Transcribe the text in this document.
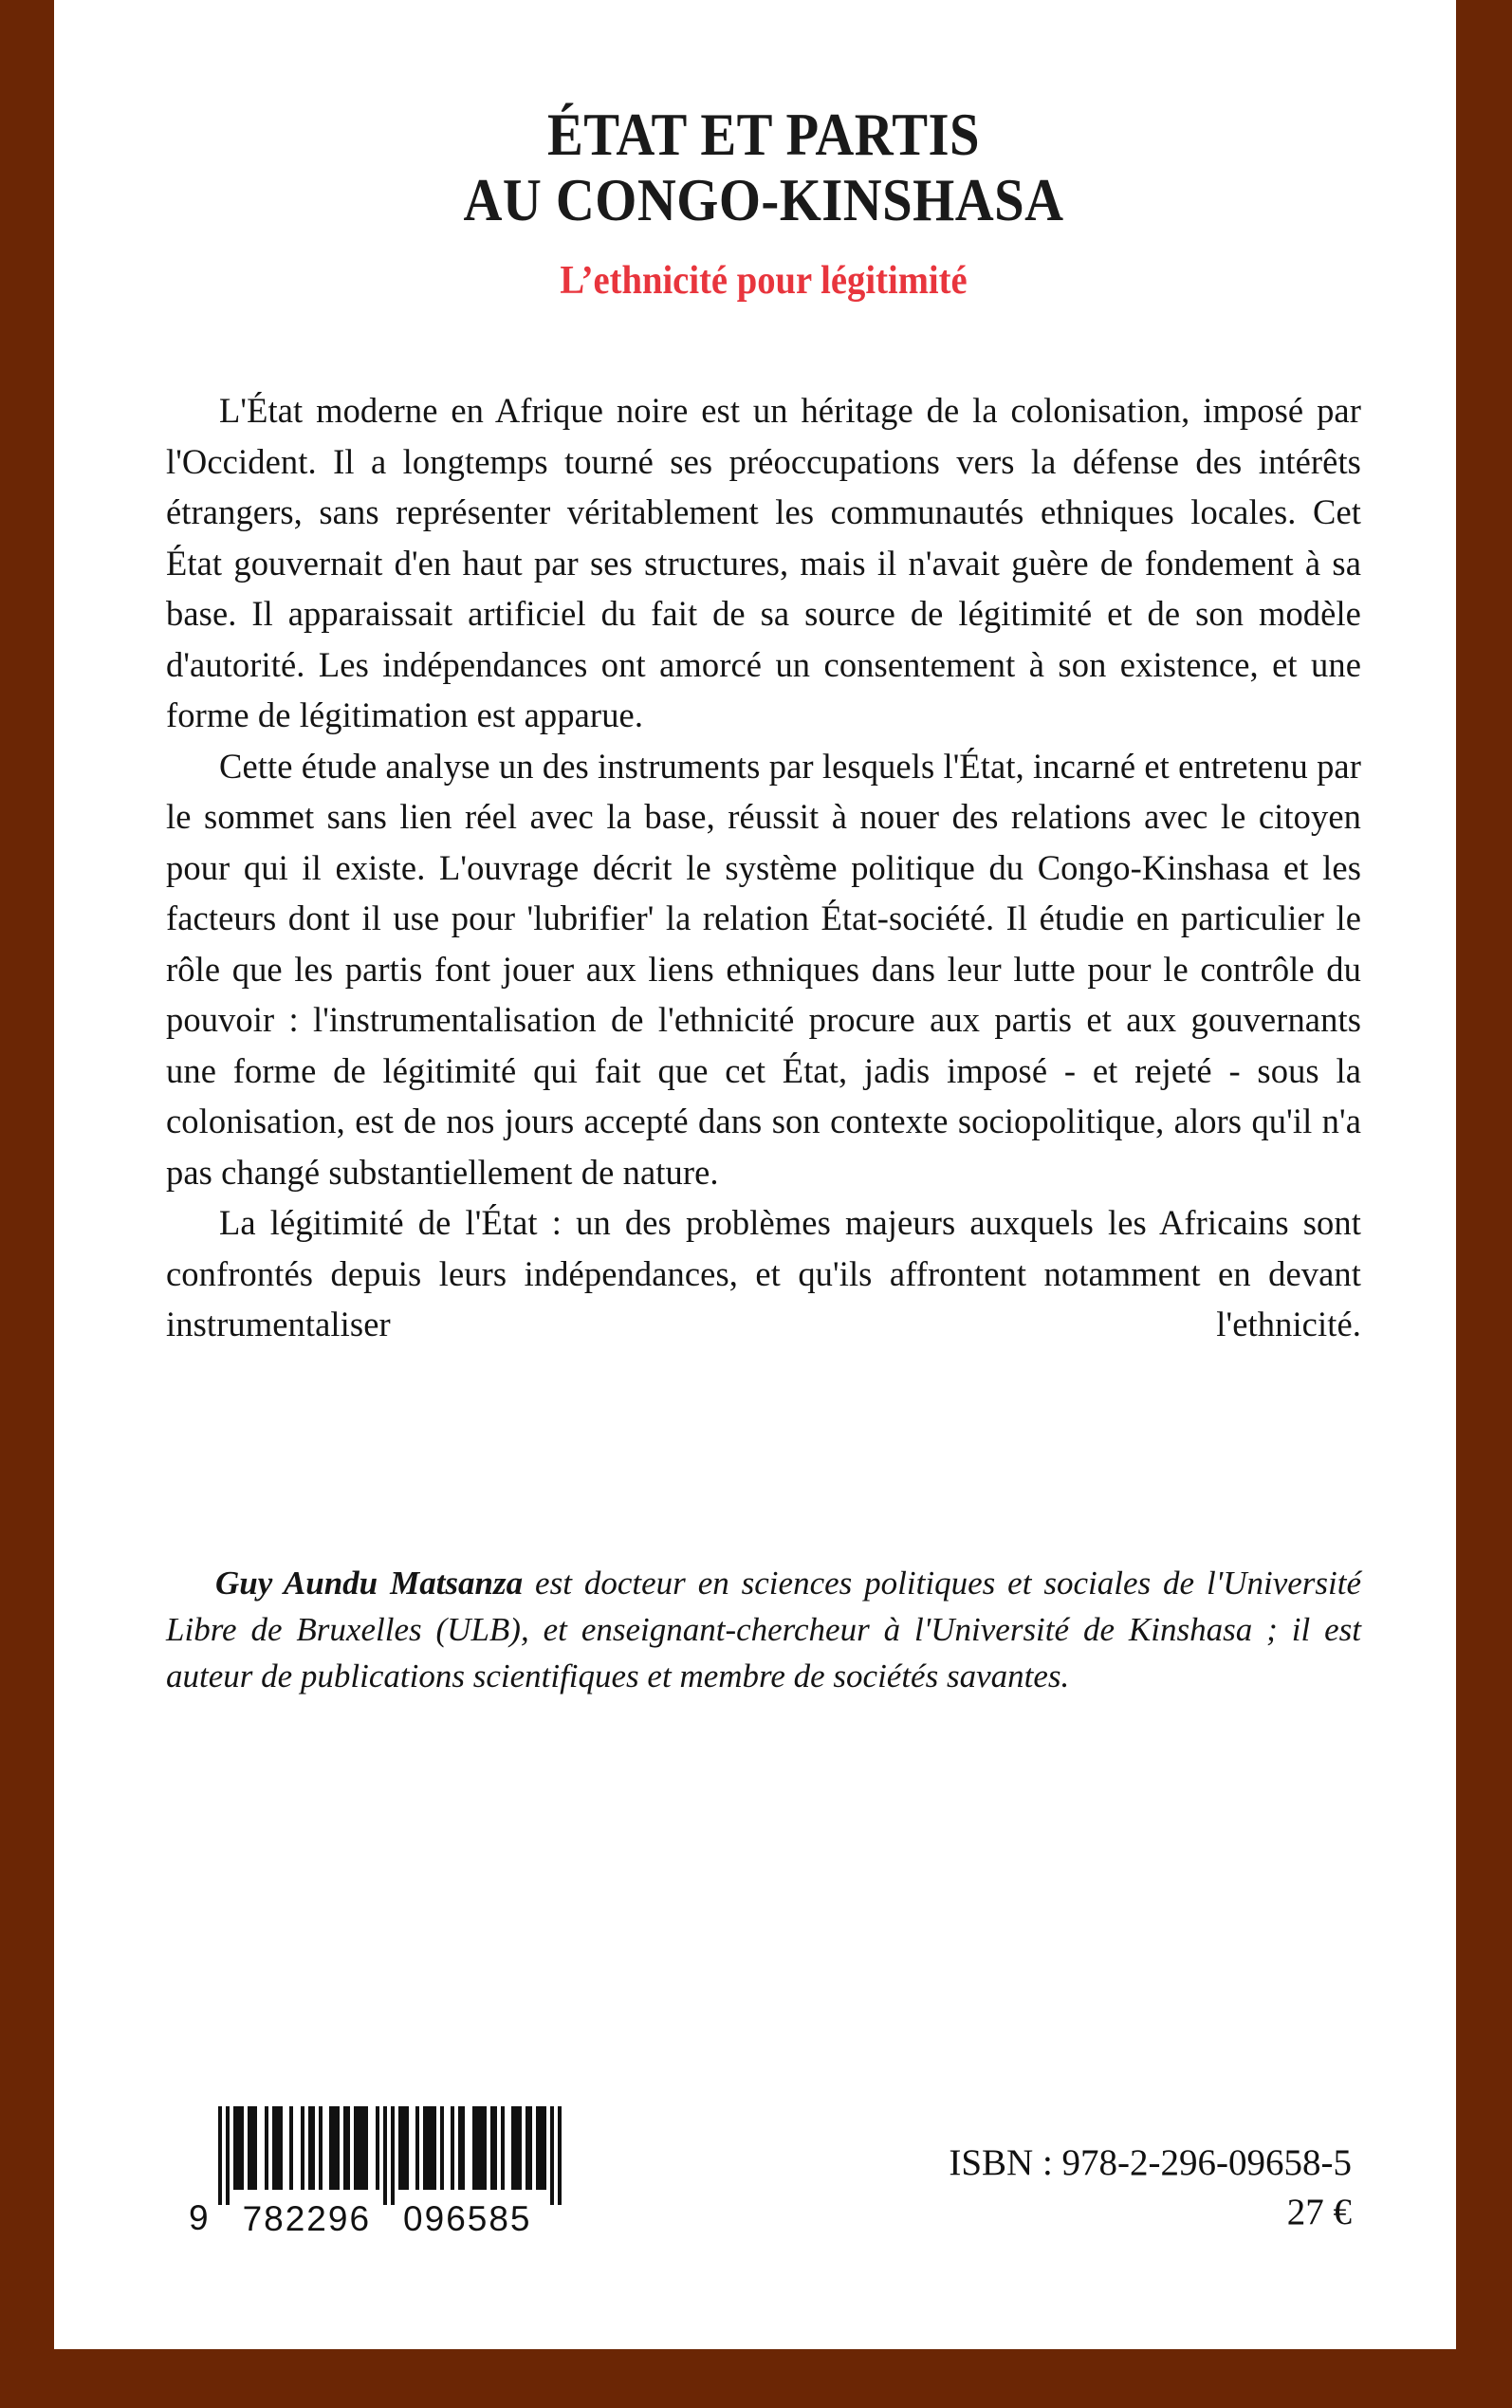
ÉTAT ET PARTIS
AU CONGO-KINSHASA
L’ethnicité pour légitimité

L'État moderne en Afrique noire est un héritage de la colonisation, imposé par l'Occident. Il a longtemps tourné ses préoccupations vers la défense des intérêts étrangers, sans représenter véritablement les communautés ethniques locales. Cet État gouvernait d'en haut par ses structures, mais il n'avait guère de fondement à sa base. Il apparaissait artificiel du fait de sa source de légitimité et de son modèle d'autorité. Les indépendances ont amorcé un consentement à son existence, et une forme de légitimation est apparue.

Cette étude analyse un des instruments par lesquels l'État, incarné et entretenu par le sommet sans lien réel avec la base, réussit à nouer des relations avec le citoyen pour qui il existe. L'ouvrage décrit le système politique du Congo-Kinshasa et les facteurs dont il use pour 'lubrifier' la relation État-société. Il étudie en particulier le rôle que les partis font jouer aux liens ethniques dans leur lutte pour le contrôle du pouvoir : l'instrumentalisation de l'ethnicité procure aux partis et aux gouvernants une forme de légitimité qui fait que cet État, jadis imposé - et rejeté - sous la colonisation, est de nos jours accepté dans son contexte sociopolitique, alors qu'il n'a pas changé substantiellement de nature.

La légitimité de l'État : un des problèmes majeurs auxquels les Africains sont confrontés depuis leurs indépendances, et qu'ils affrontent notamment en devant instrumentaliser l'ethnicité.

Guy Aundu Matsanza est docteur en sciences politiques et sociales de l'Université Libre de Bruxelles (ULB), et enseignant-chercheur à l'Université de Kinshasa ; il est auteur de publications scientifiques et membre de sociétés savantes.

9 782296 096585
ISBN : 978-2-296-09658-5
27 €
